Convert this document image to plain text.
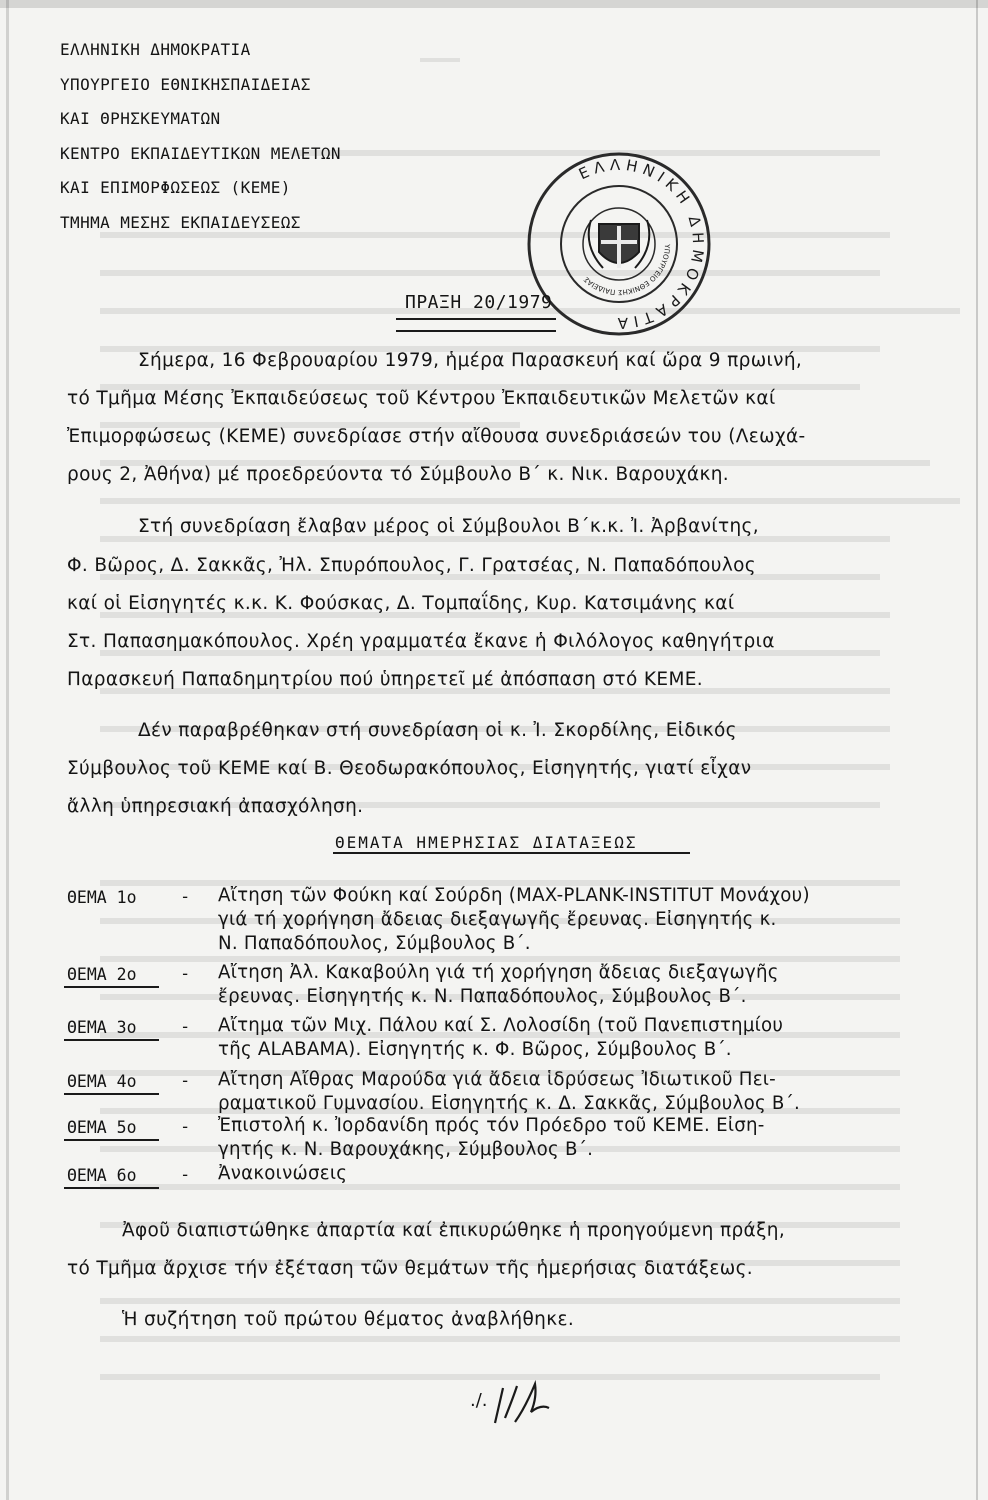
ΕΛΛΗΝΙΚΗ ΔΗΜΟΚΡΑΤΙΑ
ΥΠΟΥΡΓΕΙΟ ΕΘΝΙΚΗΣΠΑΙΔΕΙΑΣ
ΚΑΙ ΘΡΗΣΚΕΥΜΑΤΩΝ
ΚΕΝΤΡΟ ΕΚΠΑΙΔΕΥΤΙΚΩΝ ΜΕΛΕΤΩΝ
ΚΑΙ ΕΠΙΜΟΡΦΩΣΕΩΣ (ΚΕΜΕ)
ΤΜΗΜΑ ΜΕΣΗΣ ΕΚΠΑΙΔΕΥΣΕΩΣ
ΕΛΛΗΝΙΚΗ ΔΗΜΟΚΡΑΤΙΑ
ΥΠΟΥΡΓΕΙΟ ΕΘΝΙΚΗΣ ΠΑΙΔΕΙΑΣ
ΠΡΑΞΗ 20/1979
Σήμερα, 16 Φεβρουαρίου 1979, ἡμέρα Παρασκευή καί ὥρα 9 πρωινή,
τό Τμῆμα Μέσης Ἐκπαιδεύσεως τοῦ Κέντρου Ἐκπαιδευτικῶν Μελετῶν καί
Ἐπιμορφώσεως (ΚΕΜΕ) συνεδρίασε στήν αἴθουσα συνεδριάσεών του (Λεωχά-
ρους 2, Ἀθήνα) μέ προεδρεύοντα τό Σύμβουλο Β΄ κ. Νικ. Βαρουχάκη.
Στή συνεδρίαση ἔλαβαν μέρος οἱ Σύμβουλοι Β΄κ.κ. Ἰ. Ἀρβανίτης,
Φ. Βῶρος, Δ. Σακκᾶς, Ἠλ. Σπυρόπουλος, Γ. Γρατσέας, Ν. Παπαδόπουλος
καί οἱ Εἰσηγητές κ.κ. Κ. Φούσκας, Δ. Τομπαΐδης, Κυρ. Κατσιμάνης καί
Στ. Παπασημακόπουλος. Χρέη γραμματέα ἔκανε ἡ Φιλόλογος καθηγήτρια
Παρασκευή Παπαδημητρίου πού ὑπηρετεῖ μέ ἀπόσπαση στό ΚΕΜΕ.
Δέν παραβρέθηκαν στή συνεδρίαση οἱ κ. Ἰ. Σκορδίλης, Εἰδικός
Σύμβουλος τοῦ ΚΕΜΕ καί Β. Θεοδωρακόπουλος, Εἰσηγητής, γιατί εἶχαν
ἄλλη ὑπηρεσιακή ἀπασχόληση.
ΘΕΜΑΤΑ ΗΜΕΡΗΣΙΑΣ ΔΙΑΤΑΞΕΩΣ
ΘΕΜΑ 1ο	- Αἴτηση τῶν Φούκη καί Σούρδη (MAX-PLANK-INSTITUT Μονάχου)
γιά τή χορήγηση ἄδειας διεξαγωγῆς ἔρευνας. Εἰσηγητής κ.
Ν. Παπαδόπουλος, Σύμβουλος Β΄.
ΘΕΜΑ 2ο	- Αἴτηση Ἀλ. Κακαβούλη γιά τή χορήγηση ἄδειας διεξαγωγῆς
ἔρευνας. Εἰσηγητής κ. Ν. Παπαδόπουλος, Σύμβουλος Β΄.
ΘΕΜΑ 3ο	- Αἴτημα τῶν Μιχ. Πάλου καί Σ. Λολοσίδη (τοῦ Πανεπιστημίου
τῆς ALABAMA). Εἰσηγητής κ. Φ. Βῶρος, Σύμβουλος Β΄.
ΘΕΜΑ 4ο	- Αἴτηση Αἴθρας Μαρούδα γιά ἄδεια ἱδρύσεως Ἰδιωτικοῦ Πει-
ραματικοῦ Γυμνασίου. Εἰσηγητής κ. Δ. Σακκᾶς, Σύμβουλος Β΄.
ΘΕΜΑ 5ο	- Ἐπιστολή κ. Ἰορδανίδη πρός τόν Πρόεδρο τοῦ ΚΕΜΕ. Εἰση-
γητής κ. Ν. Βαρουχάκης, Σύμβουλος Β΄.
ΘΕΜΑ 6ο	- Ἀνακοινώσεις
Ἀφοῦ διαπιστώθηκε ἀπαρτία καί ἐπικυρώθηκε ἡ προηγούμενη πράξη,
τό Τμῆμα ἄρχισε τήν ἐξέταση τῶν θεμάτων τῆς ἡμερήσιας διατάξεως.
Ἡ συζήτηση τοῦ πρώτου θέματος ἀναβλήθηκε.
./.
